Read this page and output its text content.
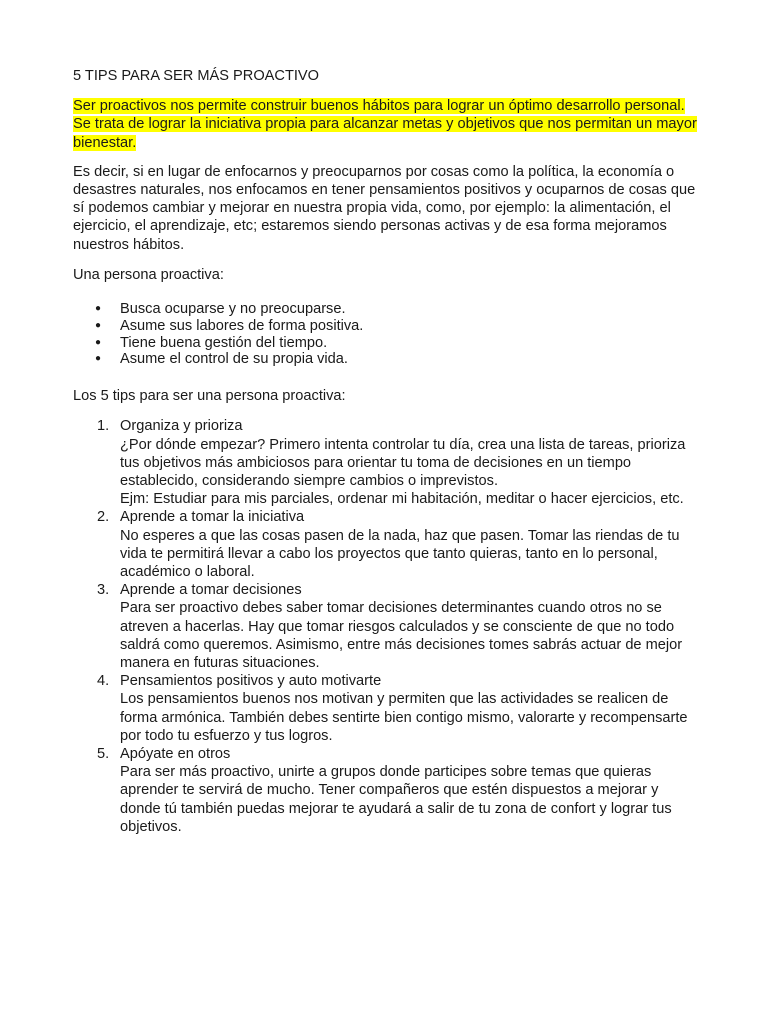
5 TIPS PARA SER MÁS PROACTIVO

Ser proactivos nos permite construir buenos hábitos para lograr un óptimo desarrollo personal. Se trata de lograr la iniciativa propia para alcanzar metas y objetivos que nos permitan un mayor bienestar.

Es decir, si en lugar de enfocarnos y preocuparnos por cosas como la política, la economía o desastres naturales, nos enfocamos en tener pensamientos positivos y ocuparnos de cosas que sí podemos cambiar y mejorar en nuestra propia vida, como, por ejemplo: la alimentación, el ejercicio, el aprendizaje, etc; estaremos siendo personas activas y de esa forma mejoramos nuestros hábitos.

Una persona proactiva:

● Busca ocuparse y no preocuparse.
● Asume sus labores de forma positiva.
● Tiene buena gestión del tiempo.
● Asume el control de su propia vida.

Los 5 tips para ser una persona proactiva:

1. Organiza y prioriza
¿Por dónde empezar? Primero intenta controlar tu día, crea una lista de tareas, prioriza tus objetivos más ambiciosos para orientar tu toma de decisiones en un tiempo establecido, considerando siempre cambios o imprevistos.
Ejm: Estudiar para mis parciales, ordenar mi habitación, meditar o hacer ejercicios, etc.
2. Aprende a tomar la iniciativa
No esperes a que las cosas pasen de la nada, haz que pasen. Tomar las riendas de tu vida te permitirá llevar a cabo los proyectos que tanto quieras, tanto en lo personal, académico o laboral.
3. Aprende a tomar decisiones
Para ser proactivo debes saber tomar decisiones determinantes cuando otros no se atreven a hacerlas. Hay que tomar riesgos calculados y se consciente de que no todo saldrá como queremos. Asimismo, entre más decisiones tomes sabrás actuar de mejor manera en futuras situaciones.
4. Pensamientos positivos y auto motivarte
Los pensamientos buenos nos motivan y permiten que las actividades se realicen de forma armónica. También debes sentirte bien contigo mismo, valorarte y recompensarte por todo tu esfuerzo y tus logros.
5. Apóyate en otros
Para ser más proactivo, unirte a grupos donde participes sobre temas que quieras aprender te servirá de mucho. Tener compañeros que estén dispuestos a mejorar y donde tú también puedas mejorar te ayudará a salir de tu zona de confort y lograr tus objetivos.
